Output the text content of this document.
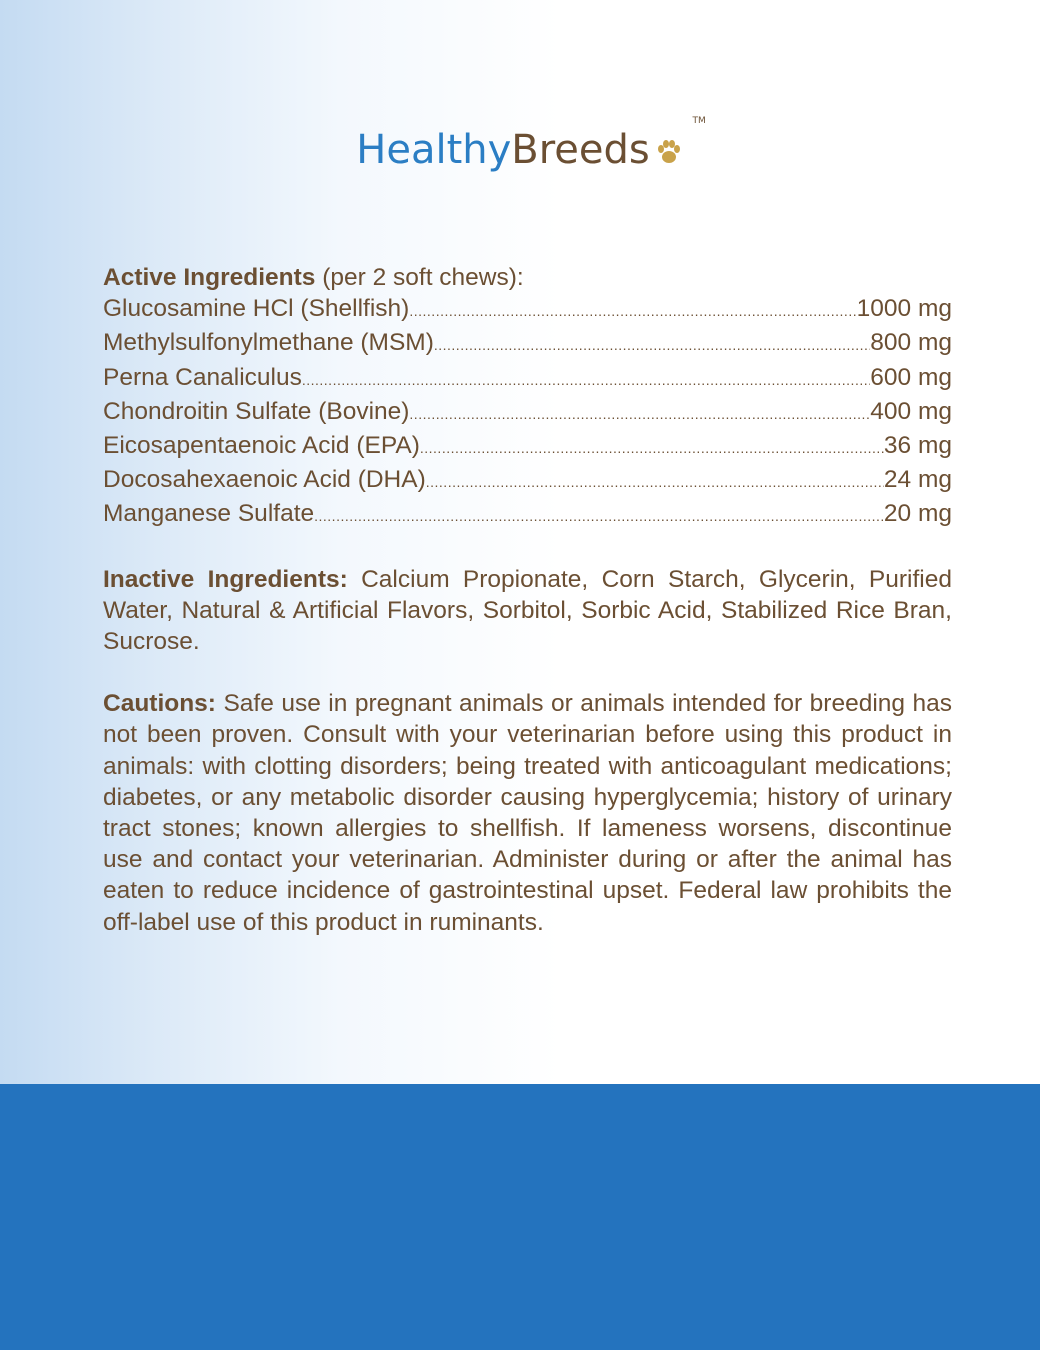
HealthyBreeds
TM
Active Ingredients (per 2 soft chews):
Glucosamine HCl (Shellfish) .....	1000 mg
Methylsulfonylmethane (MSM) .....	800 mg
Perna Canaliculus .....	600 mg
Chondroitin Sulfate (Bovine) .....	400 mg
Eicosapentaenoic Acid (EPA) .....	36 mg
Docosahexaenoic Acid (DHA) .....	24 mg
Manganese Sulfate .....	20 mg

Inactive Ingredients: Calcium Propionate, Corn Starch, Glycerin, Purified Water, Natural & Artificial Flavors, Sorbitol, Sorbic Acid, Stabilized Rice Bran, Sucrose.

Cautions: Safe use in pregnant animals or animals intended for breeding has not been proven. Consult with your veterinarian before using this product in animals: with clotting disorders; being treated with anticoagulant medications; diabetes, or any metabolic disorder causing hyperglycemia; history of urinary tract stones; known allergies to shellfish. If lameness worsens, discontinue use and contact your veterinarian. Administer during or after the animal has eaten to reduce incidence of gastrointestinal upset. Federal law prohibits the off-label use of this product in ruminants.
